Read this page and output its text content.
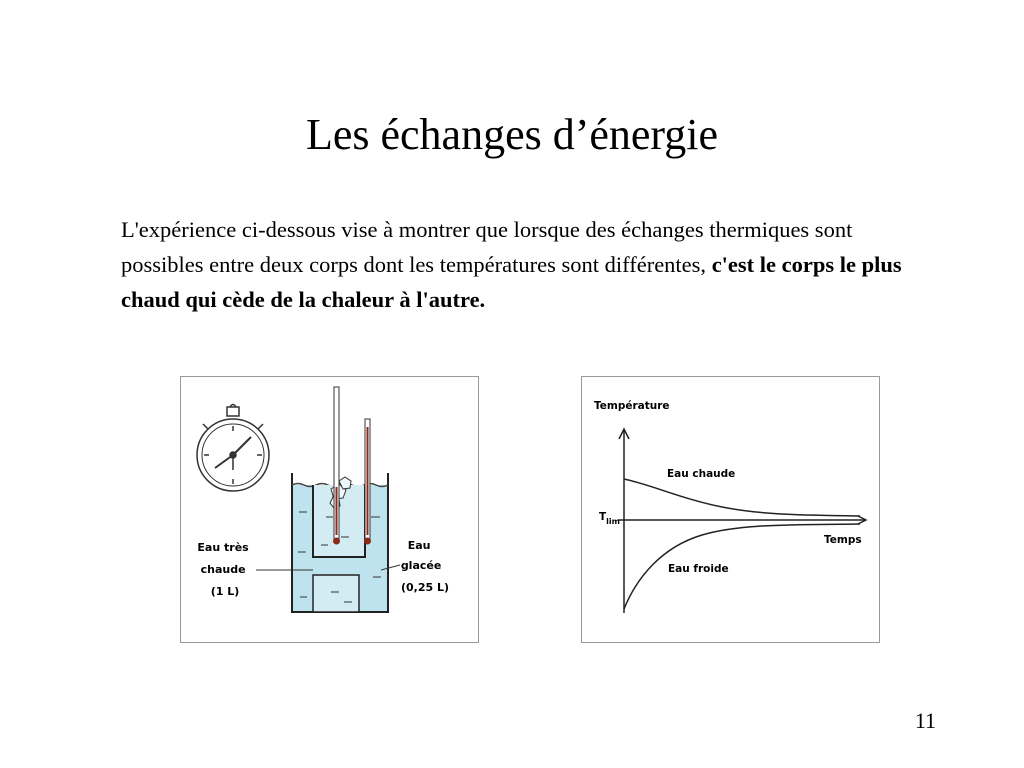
Les échanges d’énergie
L'expérience ci-dessous vise à montrer que lorsque des échanges thermiques sont possibles entre deux corps dont les températures sont différentes, c'est le corps le plus chaud qui cède de la chaleur à l'autre.
Eau très chaude (1 L)
Eau glacée (0,25 L)
Température
$T_{lim}$
Eau chaude
Temps
Eau froide
11
